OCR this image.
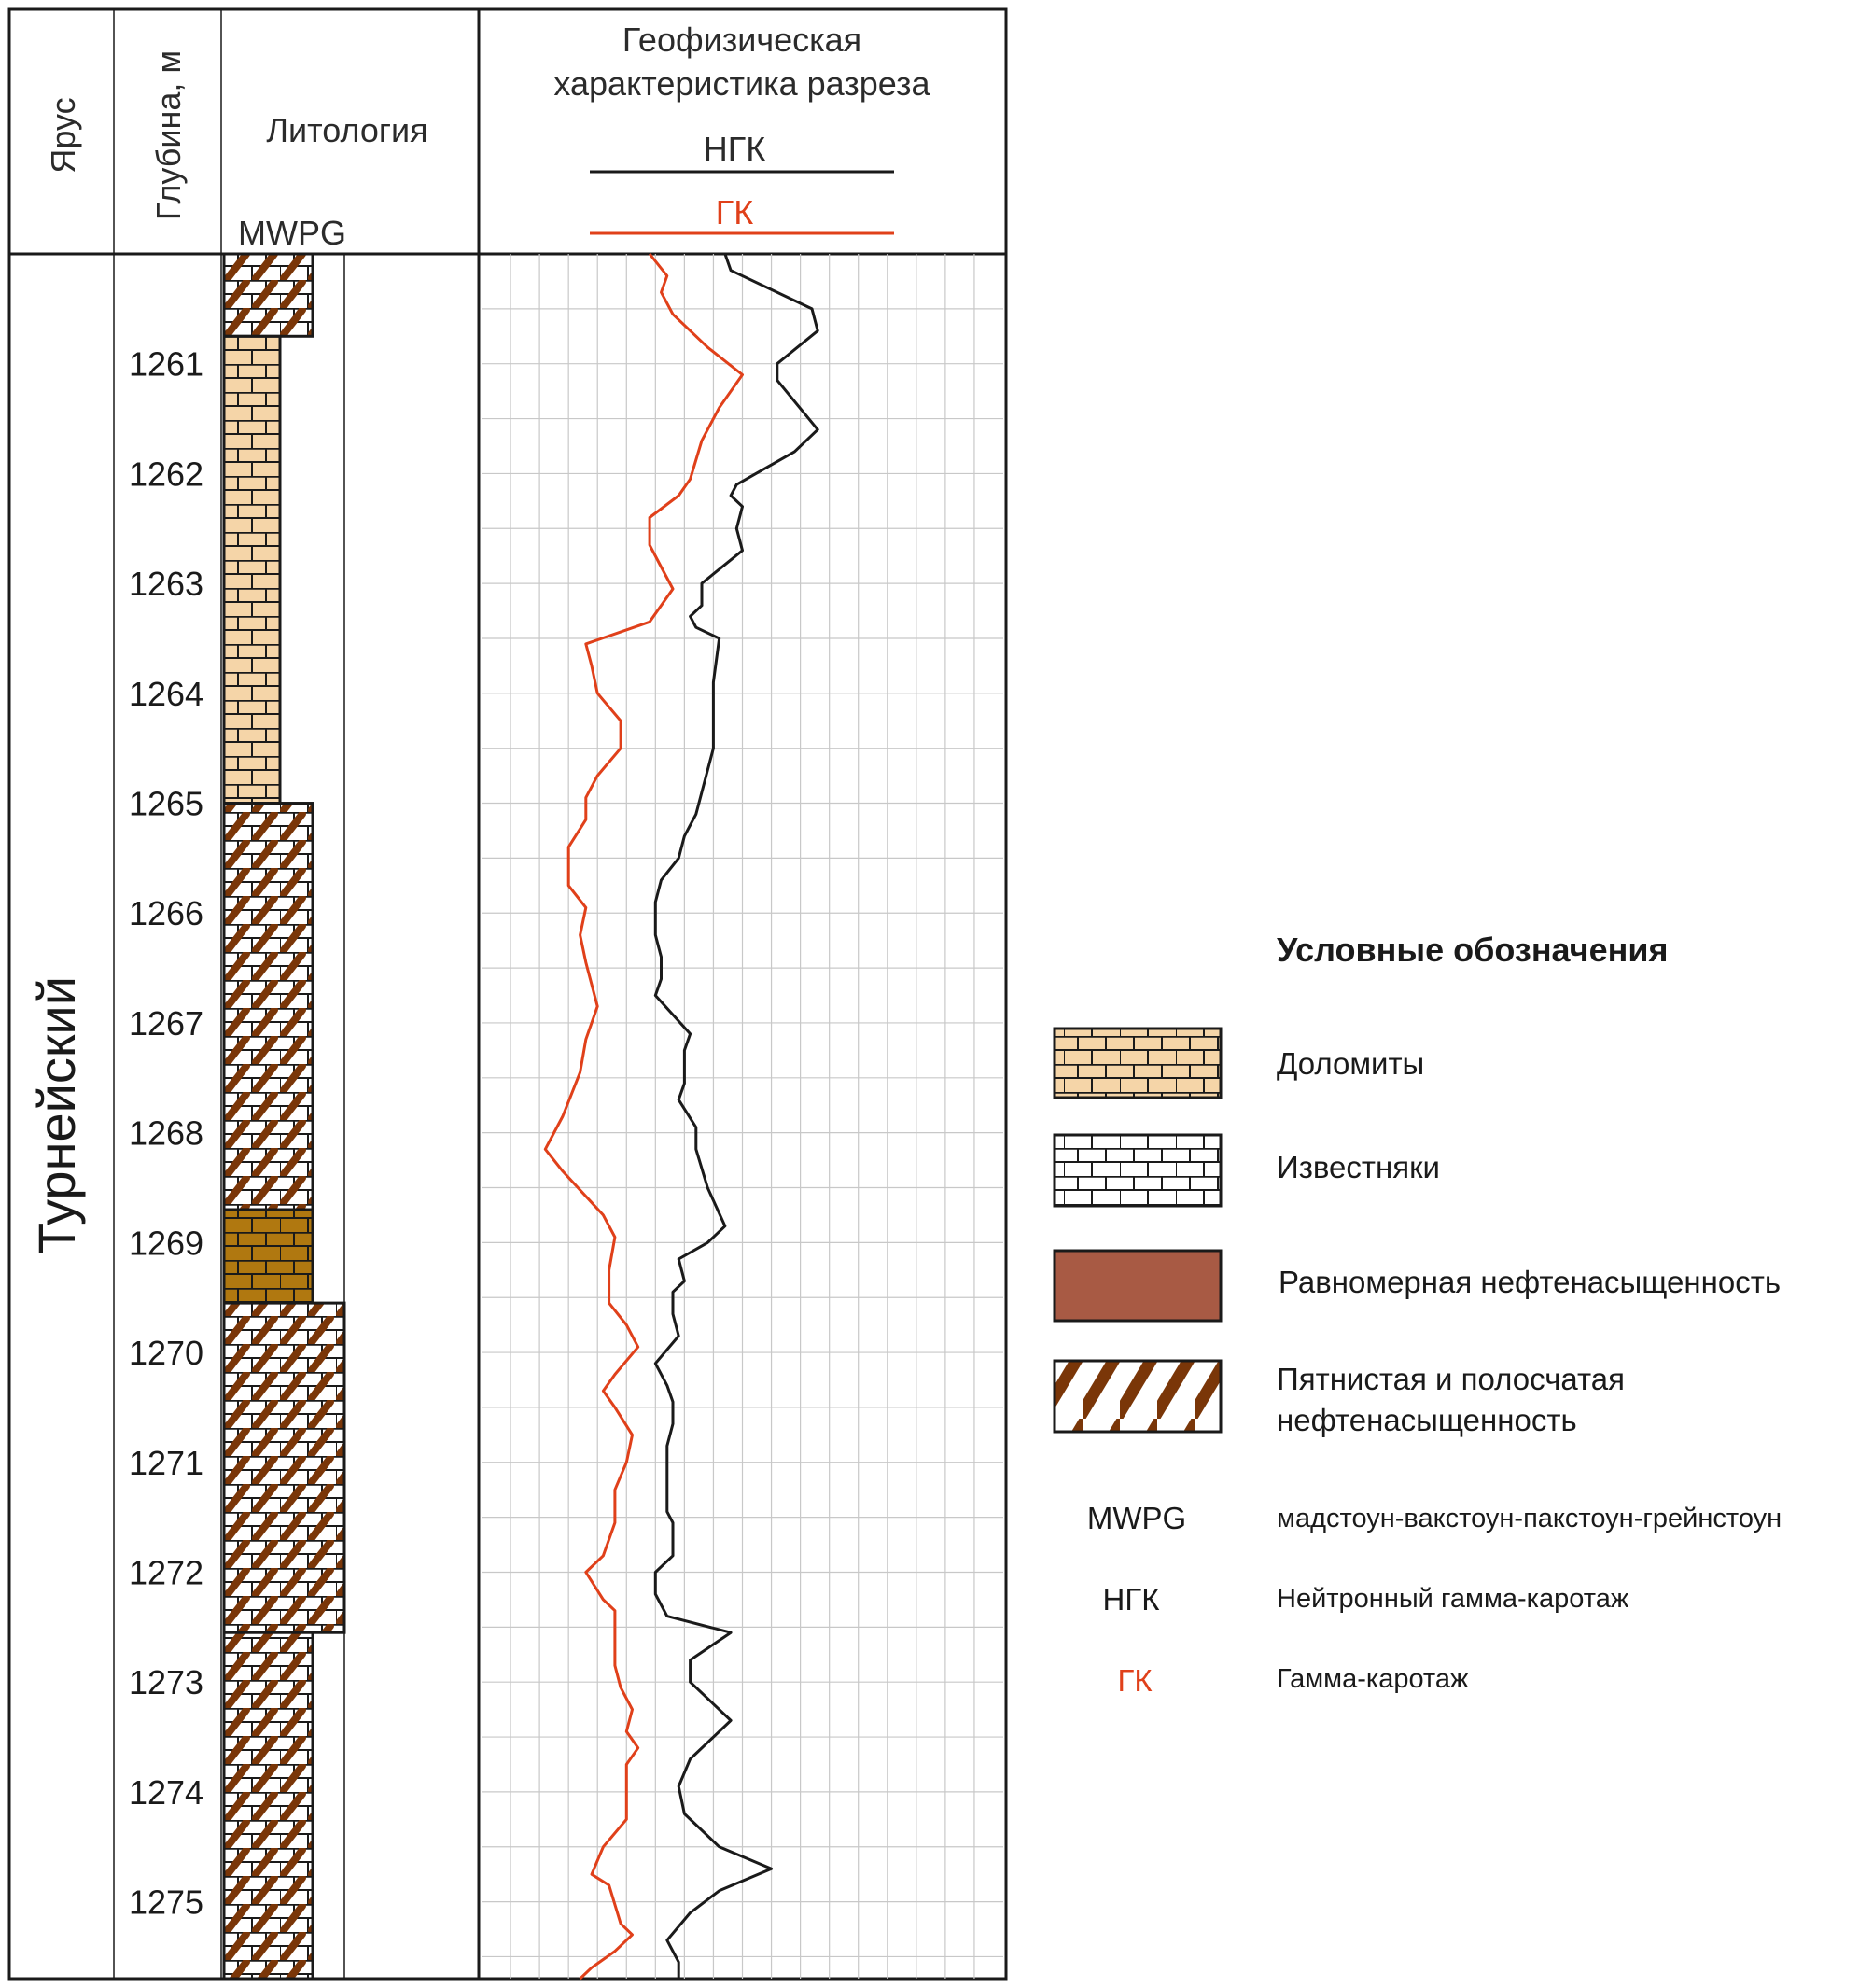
Ярус Глубина, м Литология
MWPG
Геофизическая
характеристика разреза
НГК
ГК
Турнейский
1261
1262
1263
1264
1265
1266
1267
1268
1269
1270
1271
1272
1273
1274
1275
Условные обозначения
Доломиты
Известняки
Равномерная нефтенасыщенность
Пятнистая и полосчатая
нефтенасыщенность
MWPG	мадстоун-вакстоун-пакстоун-грейнстоун
НГК	Нейтронный гамма-каротаж
ГК	Гамма-каротаж
